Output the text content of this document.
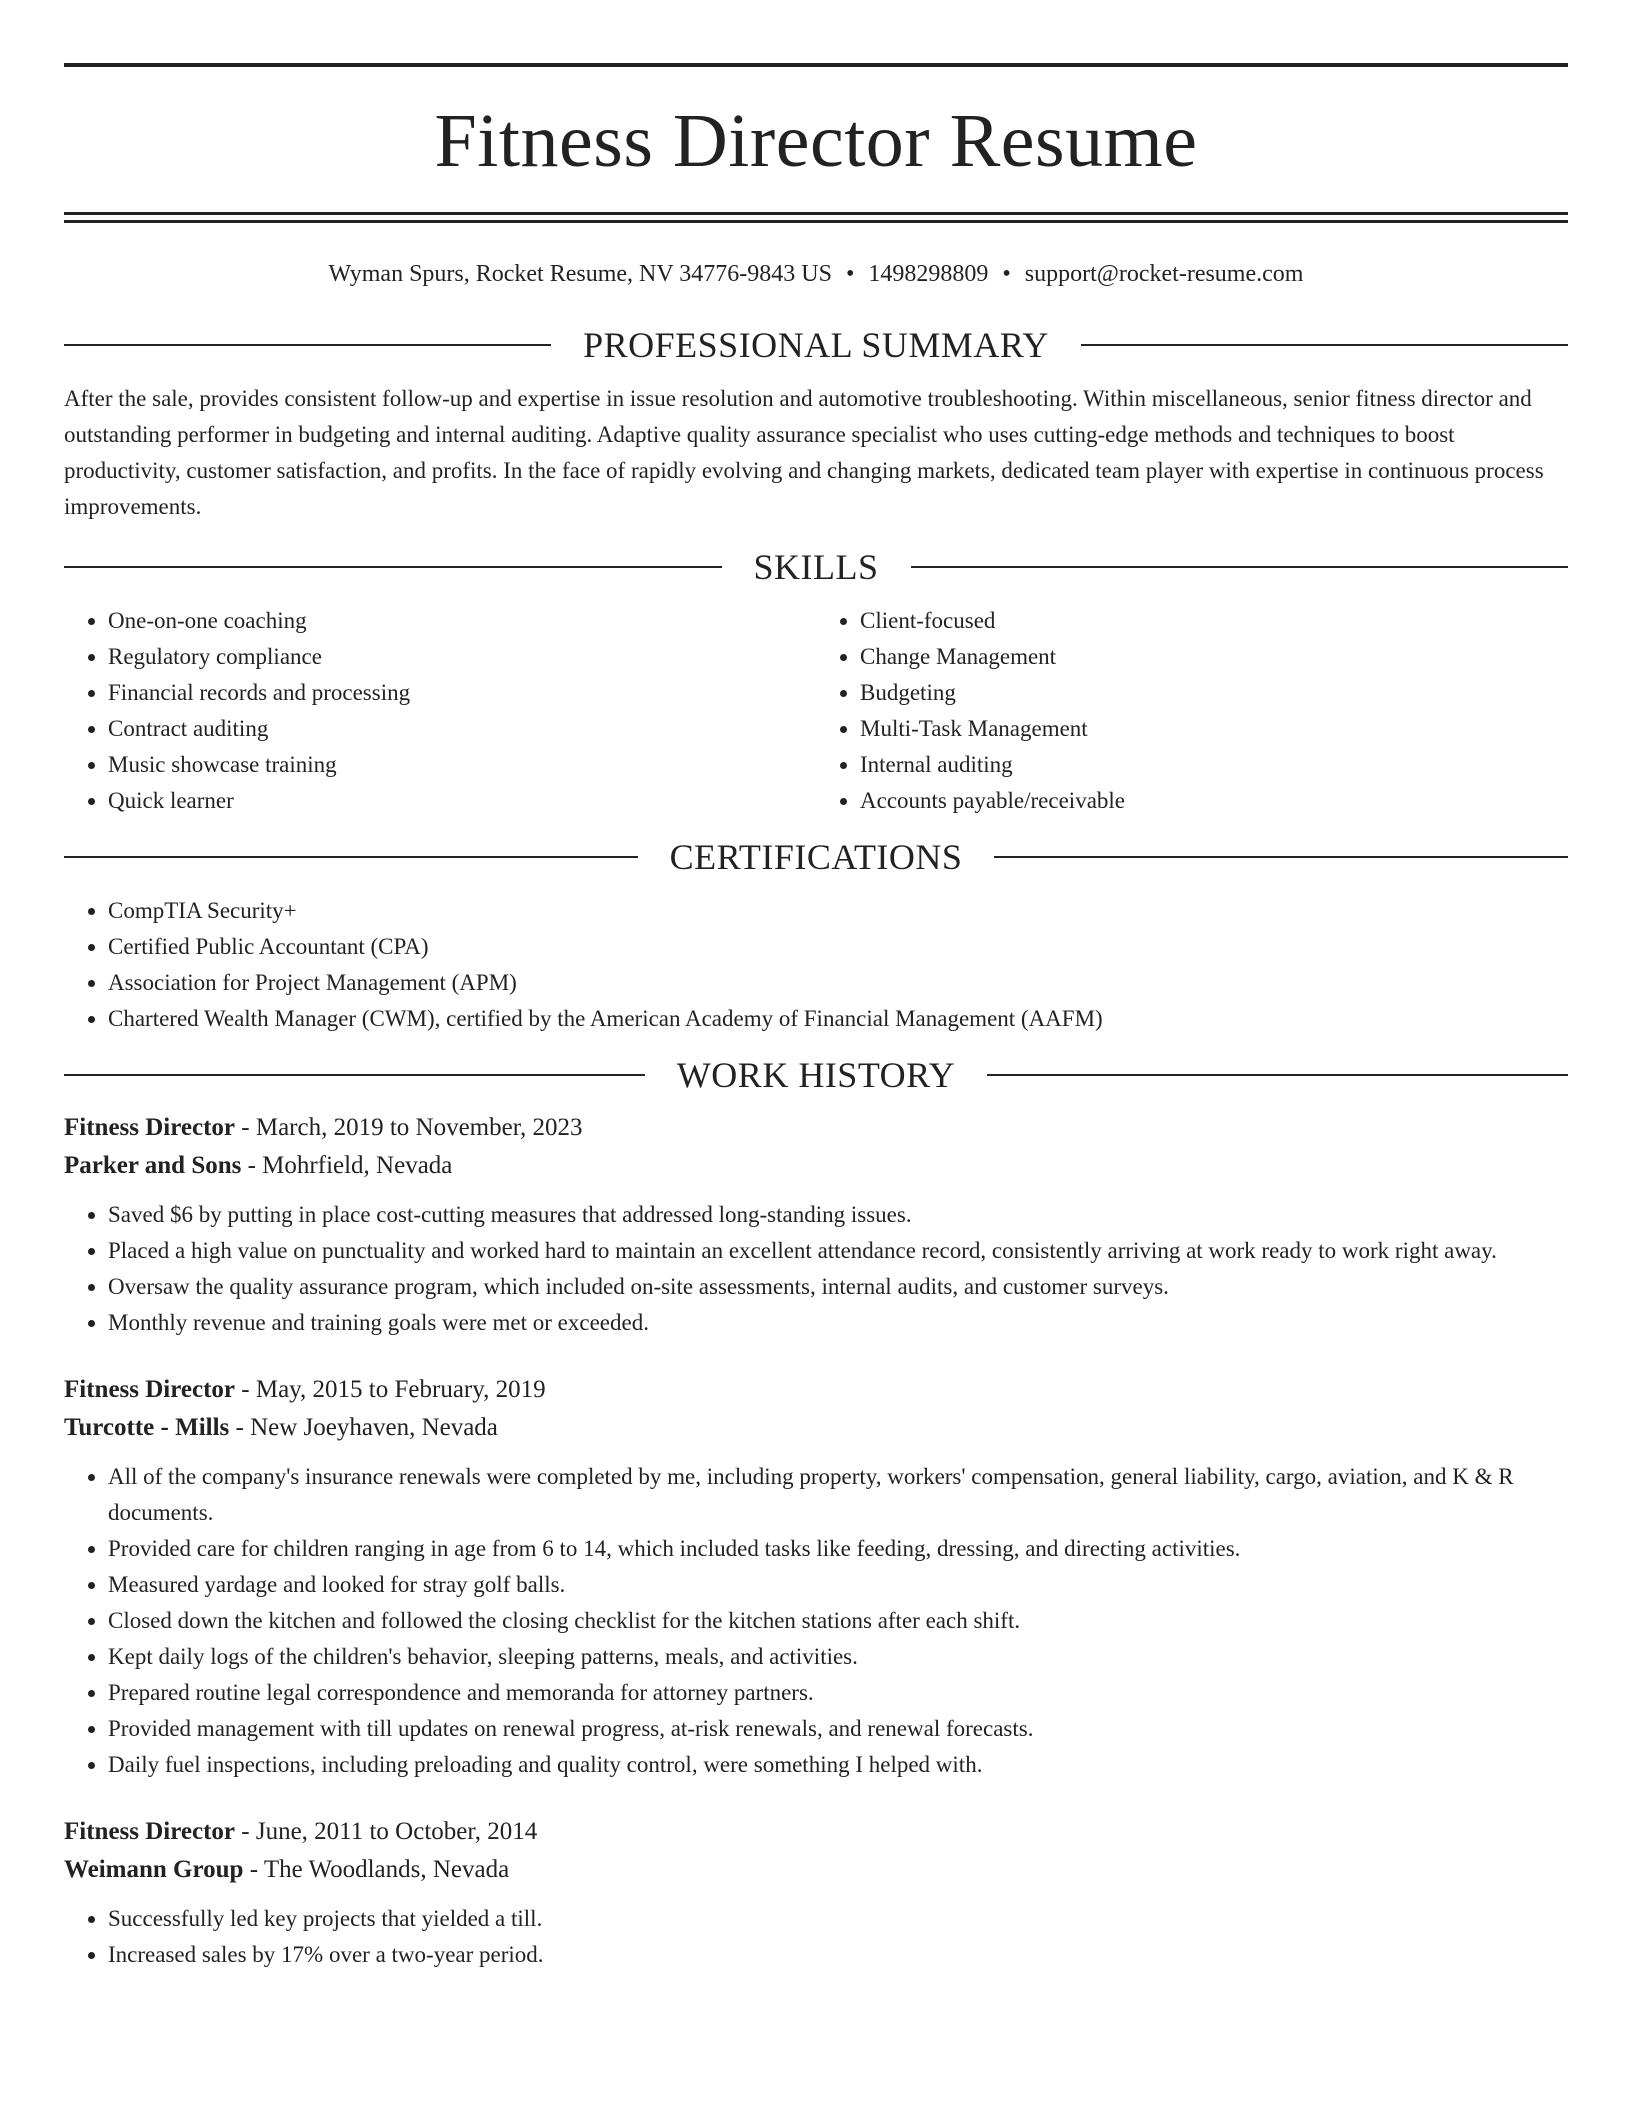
Fitness Director Resume
Wyman Spurs, Rocket Resume, NV 34776-9843 US • 1498298809 • support@rocket-resume.com
PROFESSIONAL SUMMARY

After the sale, provides consistent follow-up and expertise in issue resolution and automotive troubleshooting. Within miscellaneous, senior fitness director and outstanding performer in budgeting and internal auditing. Adaptive quality assurance specialist who uses cutting-edge methods and techniques to boost productivity, customer satisfaction, and profits. In the face of rapidly evolving and changing markets, dedicated team player with expertise in continuous process improvements.

SKILLS
• One-on-one coaching
• Regulatory compliance
• Financial records and processing
• Contract auditing
• Music showcase training
• Quick learner
• Client-focused
• Change Management
• Budgeting
• Multi-Task Management
• Internal auditing
• Accounts payable/receivable
CERTIFICATIONS
• CompTIA Security+
• Certified Public Accountant (CPA)
• Association for Project Management (APM)
• Chartered Wealth Manager (CWM), certified by the American Academy of Financial Management (AAFM)
WORK HISTORY
Fitness Director - March, 2019 to November, 2023
Parker and Sons - Mohrfield, Nevada
• Saved $6 by putting in place cost-cutting measures that addressed long-standing issues.
• Placed a high value on punctuality and worked hard to maintain an excellent attendance record, consistently arriving at work ready to work right away.
• Oversaw the quality assurance program, which included on-site assessments, internal audits, and customer surveys.
• Monthly revenue and training goals were met or exceeded.
Fitness Director - May, 2015 to February, 2019
Turcotte - Mills - New Joeyhaven, Nevada
• All of the company's insurance renewals were completed by me, including property, workers' compensation, general liability, cargo, aviation, and K & R documents.
• Provided care for children ranging in age from 6 to 14, which included tasks like feeding, dressing, and directing activities.
• Measured yardage and looked for stray golf balls.
• Closed down the kitchen and followed the closing checklist for the kitchen stations after each shift.
• Kept daily logs of the children's behavior, sleeping patterns, meals, and activities.
• Prepared routine legal correspondence and memoranda for attorney partners.
• Provided management with till updates on renewal progress, at-risk renewals, and renewal forecasts.
• Daily fuel inspections, including preloading and quality control, were something I helped with.
Fitness Director - June, 2011 to October, 2014
Weimann Group - The Woodlands, Nevada
• Successfully led key projects that yielded a till.
• Increased sales by 17% over a two-year period.
